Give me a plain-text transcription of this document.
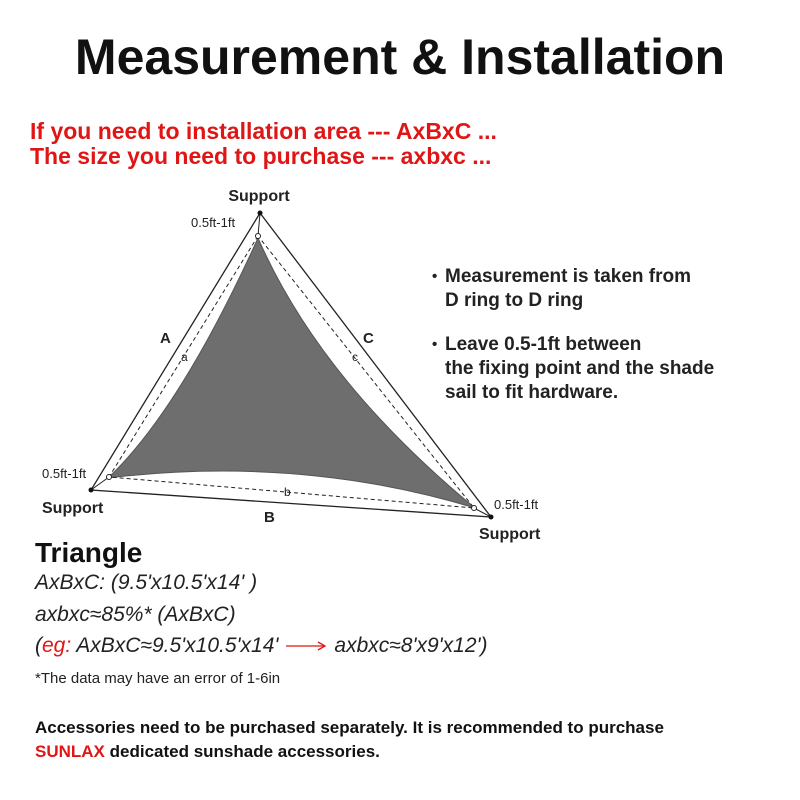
Measurement & Installation
If you need to installation area --- AxBxC ...
The size you need to purchase --- axbxc ...
Support
0.5ft-1ft
0.5ft-1ft
Support	0.5ft-1ft
Support
A
a
C
c
b
B
• Measurement is taken from
D ring to D ring
• Leave 0.5-1ft between
the fixing point and the shade
sail to fit hardware.
Triangle
AxBxC: (9.5'x10.5'x14' )
axbxc≈85%* (AxBxC)
(eg: AxBxC≈9.5'x10.5'x14'	axbxc≈8'x9'x12')
*The data may have an error of 1-6in
Accessories need to be purchased separately. It is recommended to purchase
SUNLAX dedicated sunshade accessories.
